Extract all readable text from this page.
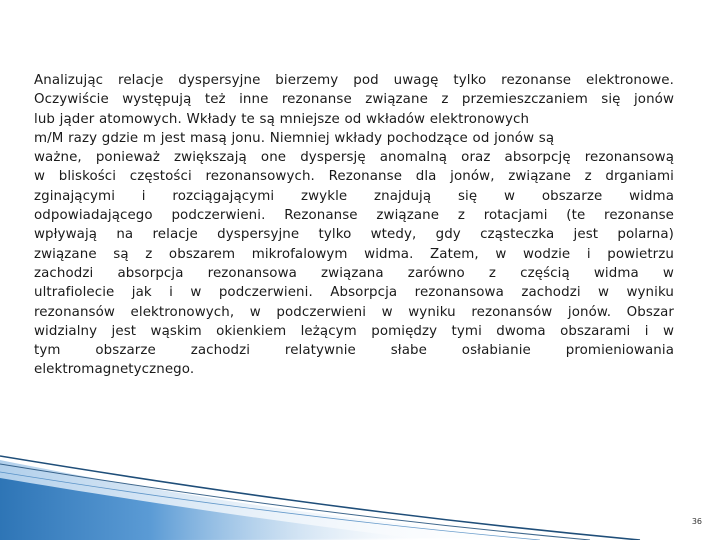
Analizując relacje dyspersyjne bierzemy pod uwagę tylko rezonanse elektronowe.
Oczywiście występują też inne rezonanse związane z przemieszczaniem się jonów
lub jąder atomowych. Wkłady te są mniejsze od wkładów elektronowych
m/M razy gdzie m jest masą jonu. Niemniej wkłady pochodzące od jonów są
ważne, ponieważ zwiększają one dyspersję anomalną oraz absorpcję rezonansową
w bliskości częstości rezonansowych. Rezonanse dla jonów, związane z drganiami
zginającymi i rozciągającymi zwykle znajdują się w obszarze widma
odpowiadającego podczerwieni. Rezonanse związane z rotacjami (te rezonanse
wpływają na relacje dyspersyjne tylko wtedy, gdy cząsteczka jest polarna)
związane są z obszarem mikrofalowym widma. Zatem, w wodzie i powietrzu
zachodzi absorpcja rezonansowa związana zarówno z częścią widma w
ultrafiolecie jak i w podczerwieni. Absorpcja rezonansowa zachodzi w wyniku
rezonansów elektronowych, w podczerwieni w wyniku rezonansów jonów. Obszar
widzialny jest wąskim okienkiem leżącym pomiędzy tymi dwoma obszarami i w
tym obszarze zachodzi relatywnie słabe osłabianie promieniowania
elektromagnetycznego.
36
